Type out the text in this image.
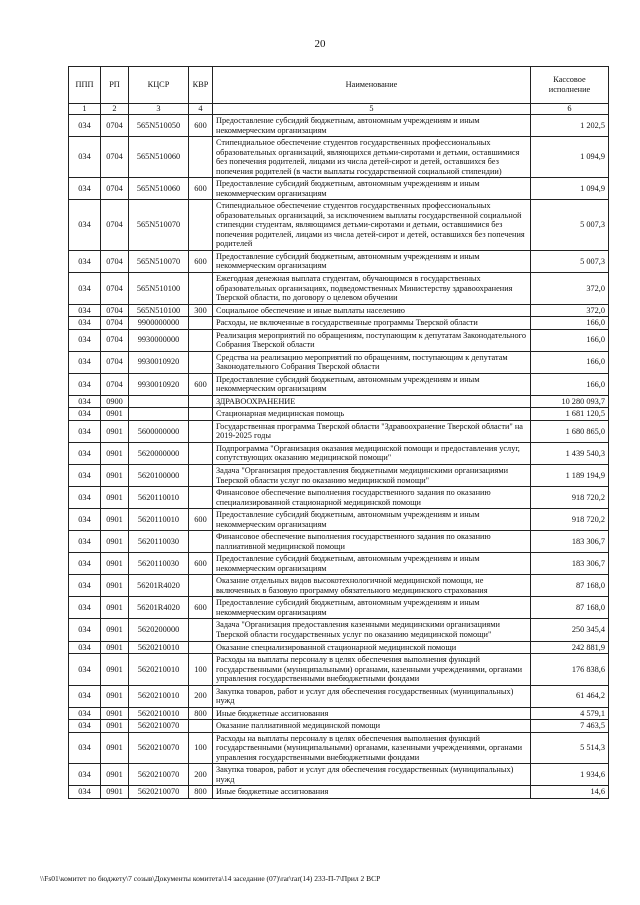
20
ППП	РП	КЦСР	КВР	Наименование	Кассовое исполнение
1	2	3	4	5	6
034	0704	565N510050	600	Предоставление субсидий бюджетным, автономным учреждениям и иным некоммерческим организациям	1 202,5
034	0704	565N510060		Стипендиальное обеспечение студентов государственных профессиональных образовательных организаций, являющихся детьми-сиротами и детьми, оставшимися без попечения родителей, лицами из числа детей-сирот и детей, оставшихся без попечения родителей (в части выплаты государственной социальной стипендии)	1 094,9
034	0704	565N510060	600	Предоставление субсидий бюджетным, автономным учреждениям и иным некоммерческим организациям	1 094,9
034	0704	565N510070		Стипендиальное обеспечение студентов государственных профессиональных образовательных организаций, за исключением выплаты государственной социальной стипендии студентам, являющимся детьми-сиротами и детьми, оставшимися без попечения родителей, лицами из числа детей-сирот и детей, оставшихся без попечения родителей	5 007,3
034	0704	565N510070	600	Предоставление субсидий бюджетным, автономным учреждениям и иным некоммерческим организациям	5 007,3
034	0704	565N510100		Ежегодная денежная выплата студентам, обучающимся в государственных образовательных организациях, подведомственных Министерству здравоохранения Тверской области, по договору о целевом обучении	372,0
034	0704	565N510100	300	Социальное обеспечение и иные выплаты населению	372,0
034	0704	9900000000		Расходы, не включенные в государственные программы Тверской области	166,0
034	0704	9930000000		Реализация мероприятий по обращениям, поступающим к депутатам Законодательного Собрания Тверской области	166,0
034	0704	9930010920		Средства на реализацию мероприятий по обращениям, поступающим к депутатам Законодательного Собрания Тверской области	166,0
034	0704	9930010920	600	Предоставление субсидий бюджетным, автономным учреждениям и иным некоммерческим организациям	166,0
034	0900			ЗДРАВООХРАНЕНИЕ	10 280 093,7
034	0901			Стационарная медицинская помощь	1 681 120,5
034	0901	5600000000		Государственная программа Тверской области "Здравоохранение Тверской области" на 2019-2025 годы	1 680 865,0
034	0901	5620000000		Подпрограмма "Организация оказания медицинской помощи и предоставления услуг, сопутствующих оказанию медицинской помощи"	1 439 540,3
034	0901	5620100000		Задача "Организация предоставления бюджетными медицинскими организациями Тверской области услуг по оказанию медицинской помощи"	1 189 194,9
034	0901	5620110010		Финансовое обеспечение выполнения государственного задания по оказанию специализированной стационарной медицинской помощи	918 720,2
034	0901	5620110010	600	Предоставление субсидий бюджетным, автономным учреждениям и иным некоммерческим организациям	918 720,2
034	0901	5620110030		Финансовое обеспечение выполнения государственного задания по оказанию паллиативной медицинской помощи	183 306,7
034	0901	5620110030	600	Предоставление субсидий бюджетным, автономным учреждениям и иным некоммерческим организациям	183 306,7
034	0901	56201R4020		Оказание отдельных видов высокотехнологичной медицинской помощи, не включенных в базовую программу обязательного медицинского страхования	87 168,0
034	0901	56201R4020	600	Предоставление субсидий бюджетным, автономным учреждениям и иным некоммерческим организациям	87 168,0
034	0901	5620200000		Задача "Организация предоставления казенными медицинскими организациями Тверской области государственных услуг по оказанию медицинской помощи"	250 345,4
034	0901	5620210010		Оказание специализированной стационарной медицинской помощи	242 881,9
034	0901	5620210010	100	Расходы на выплаты персоналу в целях обеспечения выполнения функций государственными (муниципальными) органами, казенными учреждениями, органами управления государственными внебюджетными фондами	176 838,6
034	0901	5620210010	200	Закупка товаров, работ и услуг для обеспечения государственных (муниципальных) нужд	61 464,2
034	0901	5620210010	800	Иные бюджетные ассигнования	4 579,1
034	0901	5620210070		Оказание паллиативной медицинской помощи	7 463,5
034	0901	5620210070	100	Расходы на выплаты персоналу в целях обеспечения выполнения функций государственными (муниципальными) органами, казенными учреждениями, органами управления государственными внебюджетными фондами	5 514,3
034	0901	5620210070	200	Закупка товаров, работ и услуг для обеспечения государственных (муниципальных) нужд	1 934,6
034	0901	5620210070	800	Иные бюджетные ассигнования	14,6
\\Fs01\комитет по бюджету\7 созыв\Документы комитета\14 заседание (07)\rar\rar(14) 233-П-7\Прил 2 ВСР
